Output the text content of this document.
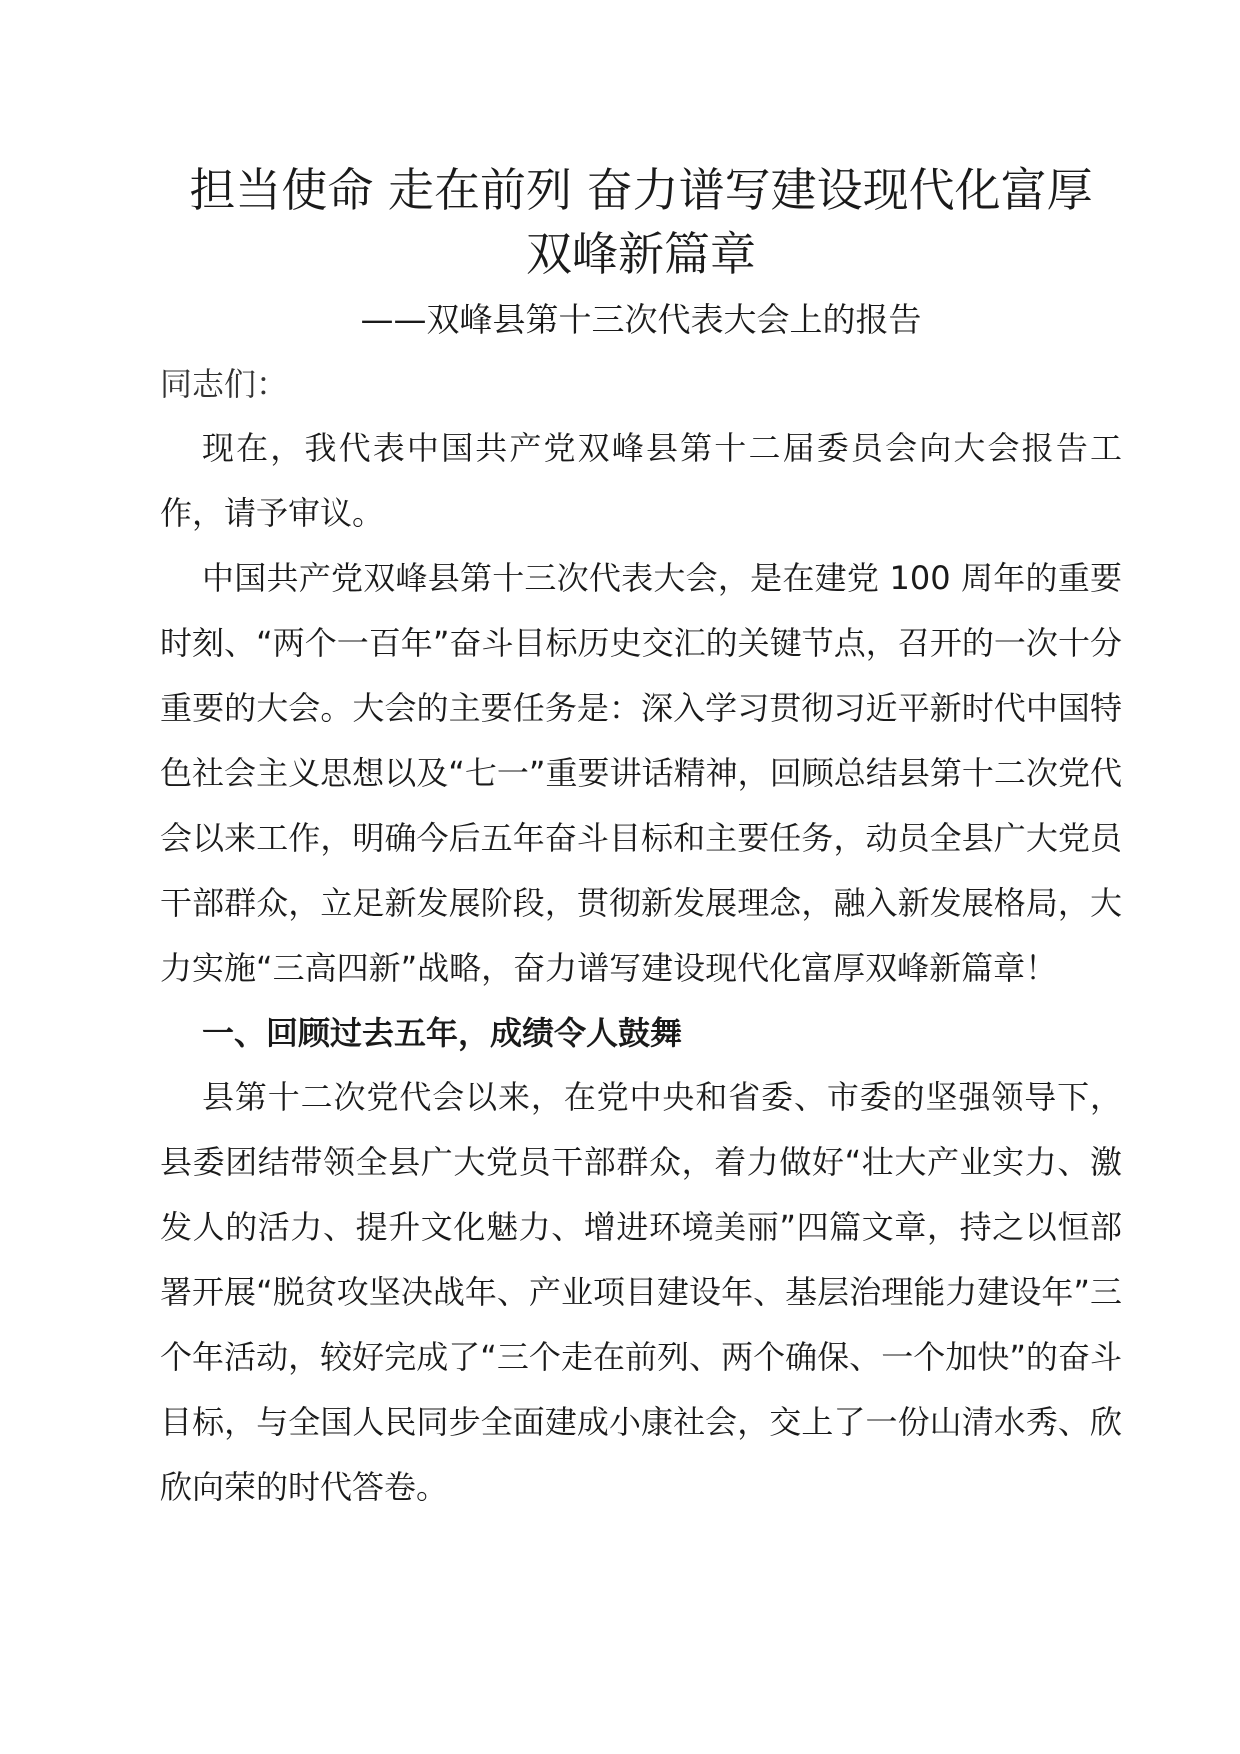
担当使命 走在前列 奋力谱写建设现代化富厚
双峰新篇章

——双峰县第十三次代表大会上的报告

同志们：

现在，我代表中国共产党双峰县第十二届委员会向大会报告工作，请予审议。

中国共产党双峰县第十三次代表大会，是在建党 100 周年的重要时刻、“两个一百年”奋斗目标历史交汇的关键节点，召开的一次十分重要的大会。大会的主要任务是：深入学习贯彻习近平新时代中国特色社会主义思想以及“七一”重要讲话精神，回顾总结县第十二次党代会以来工作，明确今后五年奋斗目标和主要任务，动员全县广大党员干部群众，立足新发展阶段，贯彻新发展理念，融入新发展格局，大力实施“三高四新”战略，奋力谱写建设现代化富厚双峰新篇章！

一、回顾过去五年，成绩令人鼓舞

县第十二次党代会以来，在党中央和省委、市委的坚强领导下，县委团结带领全县广大党员干部群众，着力做好“壮大产业实力、激发人的活力、提升文化魅力、增进环境美丽”四篇文章，持之以恒部署开展“脱贫攻坚决战年、产业项目建设年、基层治理能力建设年”三个年活动，较好完成了“三个走在前列、两个确保、一个加快”的奋斗目标，与全国人民同步全面建成小康社会，交上了一份山清水秀、欣欣向荣的时代答卷。
